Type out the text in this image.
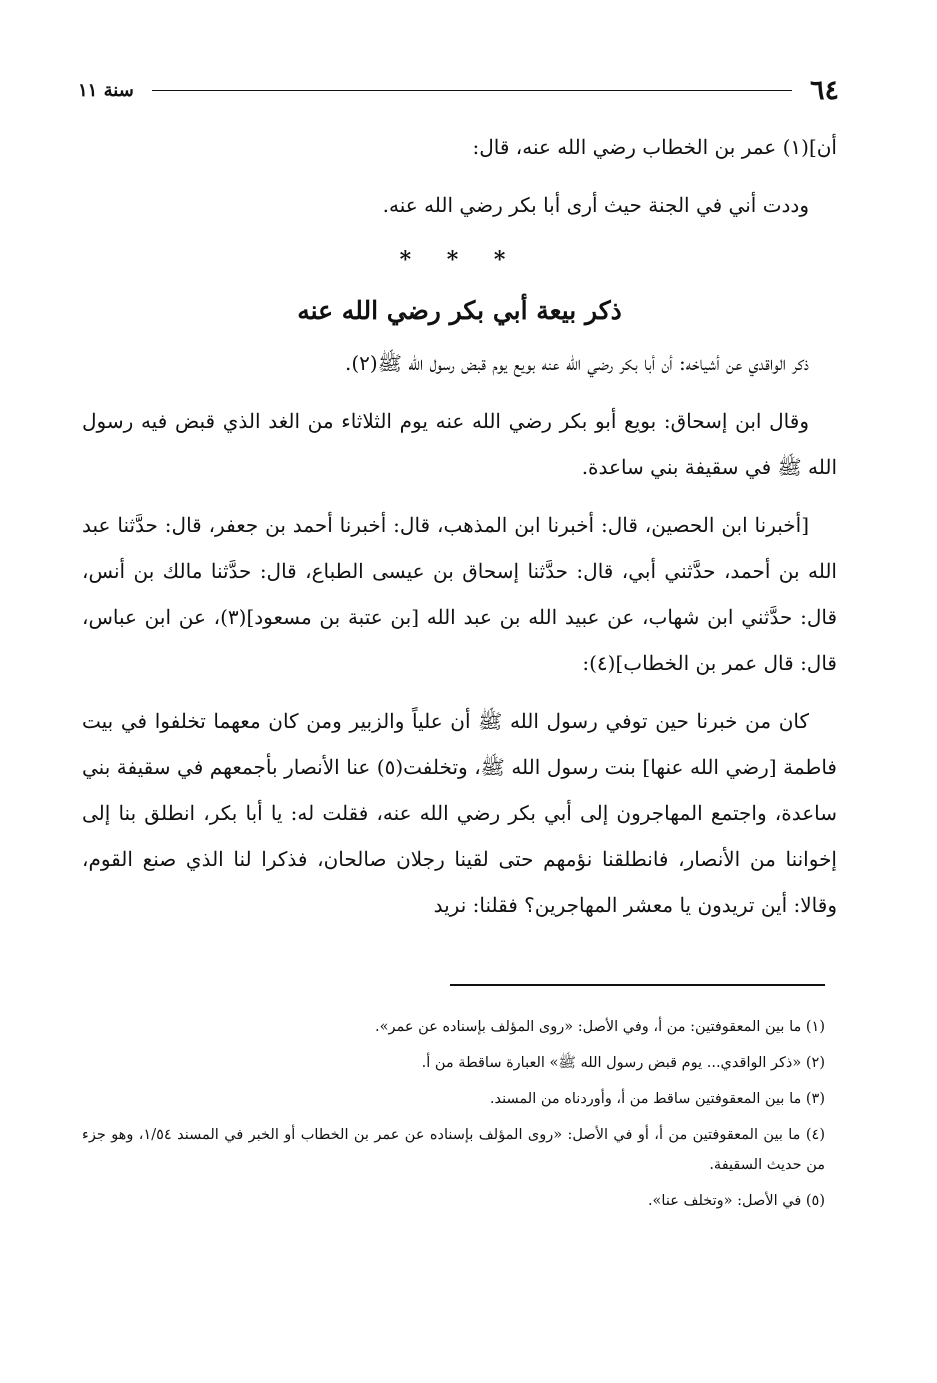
٦٤
سنة ١١

أن](١) عمر بن الخطاب رضي الله عنه، قال:

وددت أني في الجنة حيث أرى أبا بكر رضي الله عنه.

* * *
ذكر بيعة أبي بكر رضي الله عنه

ذكر الواقدي عن أشياخه: أن أبا بكر رضي الله عنه بويع يوم قبض رسول الله ﷺ(٢).

وقال ابن إسحاق: بويع أبو بكر رضي الله عنه يوم الثلاثاء من الغد الذي قبض فيه رسول الله ﷺ في سقيفة بني ساعدة.

[أخبرنا ابن الحصين، قال: أخبرنا ابن المذهب، قال: أخبرنا أحمد بن جعفر، قال: حدَّثنا عبد الله بن أحمد، حدَّثني أبي، قال: حدَّثنا إسحاق بن عيسى الطباع، قال: حدَّثنا مالك بن أنس، قال: حدَّثني ابن شهاب، عن عبيد الله بن عبد الله [بن عتبة بن مسعود](٣)، عن ابن عباس، قال: قال عمر بن الخطاب](٤):

كان من خبرنا حين توفي رسول الله ﷺ أن علياً والزبير ومن كان معهما تخلفوا في بيت فاطمة [رضي الله عنها] بنت رسول الله ﷺ، وتخلفت(٥) عنا الأنصار بأجمعهم في سقيفة بني ساعدة، واجتمع المهاجرون إلى أبي بكر رضي الله عنه، فقلت له: يا أبا بكر، انطلق بنا إلى إخواننا من الأنصار، فانطلقنا نؤمهم حتى لقينا رجلان صالحان، فذكرا لنا الذي صنع القوم، وقالا: أين تريدون يا معشر المهاجرين؟ فقلنا: نريد

(١) ما بين المعقوفتين: من أ، وفي الأصل: «روى المؤلف بإسناده عن عمر».

(٢) «ذكر الواقدي... يوم قبض رسول الله ﷺ» العبارة ساقطة من أ.

(٣) ما بين المعقوفتين ساقط من أ، وأوردناه من المسند.

(٤) ما بين المعقوفتين من أ، أو في الأصل: «روى المؤلف بإسناده عن عمر بن الخطاب أو الخبر في المسند ١/٥٤، وهو جزء من حديث السقيفة.

(٥) في الأصل: «وتخلف عنا».
